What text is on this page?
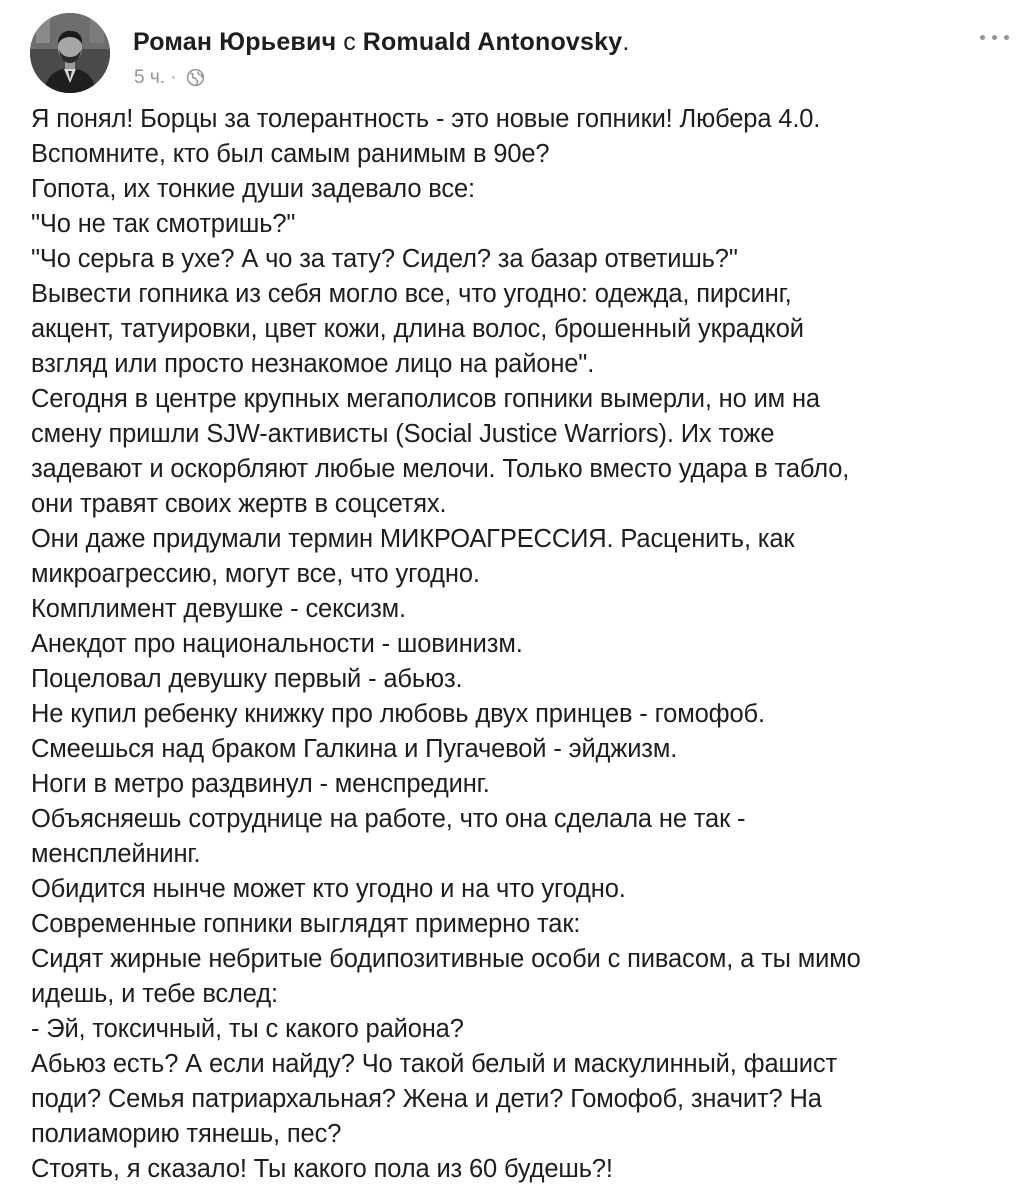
Роман Юрьевич с Romuald Antonovsky.
5 ч. ·
Я понял! Борцы за толерантность - это новые гопники! Любера 4.0.
Вспомните, кто был самым ранимым в 90е?
Гопота, их тонкие души задевало все:
"Чо не так смотришь?"
"Чо серьга в ухе? А чо за тату? Сидел? за базар ответишь?"
Вывести гопника из себя могло все, что угодно: одежда, пирсинг,
акцент, татуировки, цвет кожи, длина волос, брошенный украдкой
взгляд или просто незнакомое лицо на районе".
Сегодня в центре крупных мегаполисов гопники вымерли, но им на
смену пришли SJW-активисты (Social Justice Warriors). Их тоже
задевают и оскорбляют любые мелочи. Только вместо удара в табло,
они травят своих жертв в соцсетях.
Они даже придумали термин МИКРОАГРЕССИЯ. Расценить, как
микроагрессию, могут все, что угодно.
Комплимент девушке - сексизм.
Анекдот про национальности - шовинизм.
Поцеловал девушку первый - абьюз.
Не купил ребенку книжку про любовь двух принцев - гомофоб.
Смеешься над браком Галкина и Пугачевой - эйджизм.
Ноги в метро раздвинул - менспрединг.
Объясняешь сотруднице на работе, что она сделала не так -
менсплейнинг.
Обидится нынче может кто угодно и на что угодно.
Современные гопники выглядят примерно так:
Сидят жирные небритые бодипозитивные особи с пивасом, а ты мимо
идешь, и тебе вслед:
- Эй, токсичный, ты с какого района?
Абьюз есть? А если найду? Чо такой белый и маскулинный, фашист
поди? Семья патриархальная? Жена и дети? Гомофоб, значит? На
полиаморию тянешь, пес?
Стоять, я сказало! Ты какого пола из 60 будешь?!
